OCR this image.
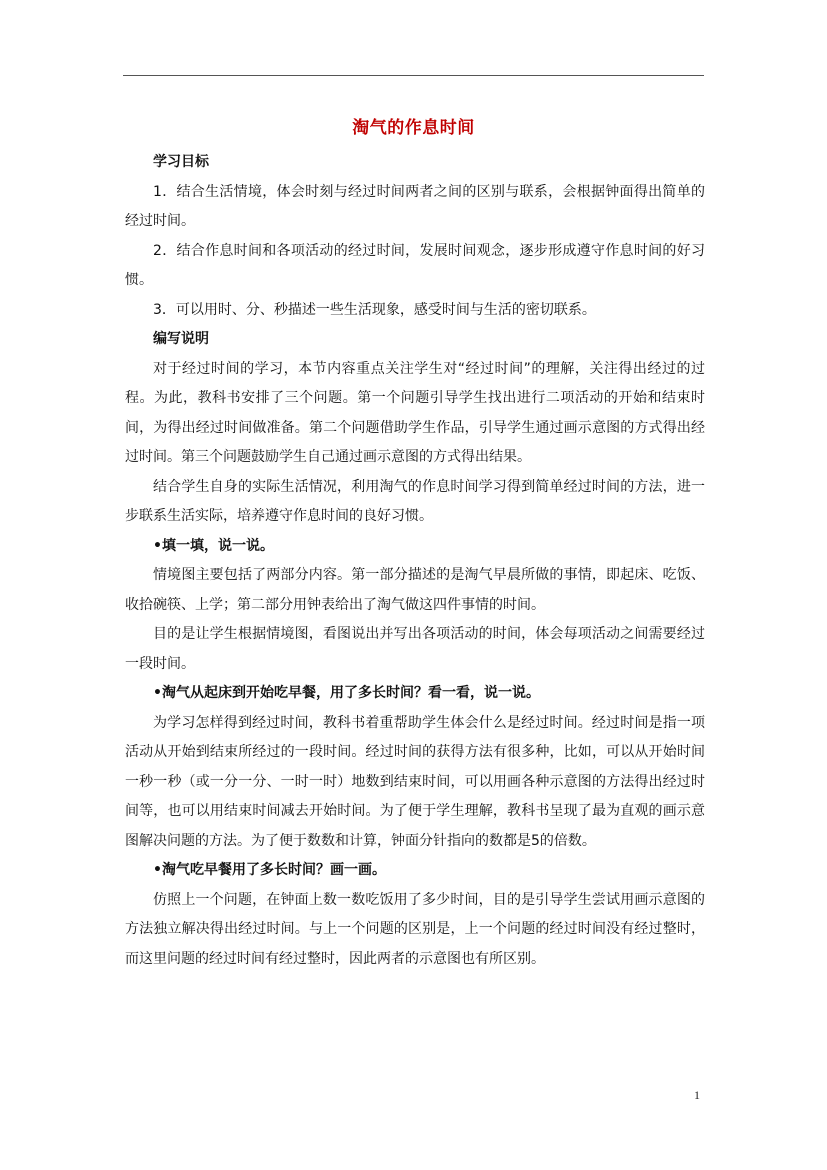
淘气的作息时间

学习目标

1．结合生活情境，体会时刻与经过时间两者之间的区别与联系，会根据钟面得出简单的经过时间。

2．结合作息时间和各项活动的经过时间，发展时间观念，逐步形成遵守作息时间的好习惯。

3．可以用时、分、秒描述一些生活现象，感受时间与生活的密切联系。

编写说明

对于经过时间的学习，本节内容重点关注学生对“经过时间”的理解，关注得出经过的过程。为此，教科书安排了三个问题。第一个问题引导学生找出进行二项活动的开始和结束时间，为得出经过时间做准备。第二个问题借助学生作品，引导学生通过画示意图的方式得出经过时间。第三个问题鼓励学生自己通过画示意图的方式得出结果。

结合学生自身的实际生活情况，利用淘气的作息时间学习得到简单经过时间的方法，进一步联系生活实际，培养遵守作息时间的良好习惯。

•填一填，说一说。

情境图主要包括了两部分内容。第一部分描述的是淘气早晨所做的事情，即起床、吃饭、收拾碗筷、上学；第二部分用钟表给出了淘气做这四件事情的时间。

目的是让学生根据情境图，看图说出并写出各项活动的时间，体会每项活动之间需要经过一段时间。

•淘气从起床到开始吃早餐，用了多长时间？看一看，说一说。

为学习怎样得到经过时间，教科书着重帮助学生体会什么是经过时间。经过时间是指一项活动从开始到结束所经过的一段时间。经过时间的获得方法有很多种，比如，可以从开始时间一秒一秒（或一分一分、一时一时）地数到结束时间，可以用画各种示意图的方法得出经过时间等，也可以用结束时间减去开始时间。为了便于学生理解，教科书呈现了最为直观的画示意图解决问题的方法。为了便于数数和计算，钟面分针指向的数都是5的倍数。

•淘气吃早餐用了多长时间？画一画。

仿照上一个问题，在钟面上数一数吃饭用了多少时间，目的是引导学生尝试用画示意图的方法独立解决得出经过时间。与上一个问题的区别是，上一个问题的经过时间没有经过整时，而这里问题的经过时间有经过整时，因此两者的示意图也有所区别。

1
